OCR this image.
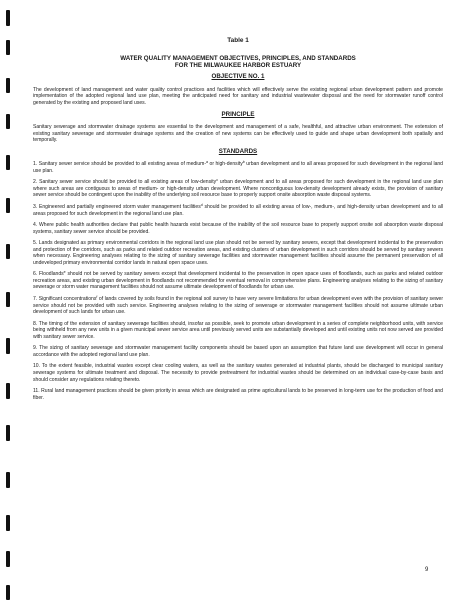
Table 1
WATER QUALITY MANAGEMENT OBJECTIVES, PRINCIPLES, AND STANDARDS
FOR THE MILWAUKEE HARBOR ESTUARY
OBJECTIVE NO. 1

The development of land management and water quality control practices and facilities which will effectively serve the existing regional urban development pattern and promote implementation of the adopted regional land use plan, meeting the anticipated need for sanitary and industrial wastewater disposal and the need for stormwater runoff control generated by the existing and proposed land uses.

PRINCIPLE

Sanitary sewerage and stormwater drainage systems are essential to the development and management of a safe, healthful, and attractive urban environment. The extension of existing sanitary sewerage and stormwater drainage systems and the creation of new systems can be effectively used to guide and shape urban development both spatially and temporally.

STANDARDS

1. Sanitary sewer service should be provided to all existing areas of medium-$^a$ or high-density$^b$ urban development and to all areas proposed for such development in the regional land use plan.

2. Sanitary sewer service should be provided to all existing areas of low-density$^c$ urban development and to all areas proposed for such development in the regional land use plan where such areas are contiguous to areas of medium- or high-density urban development. Where noncontiguous low-density development already exists, the provision of sanitary sewer service should be contingent upon the inability of the underlying soil resource base to properly support onsite absorption waste disposal systems.

3. Engineered and partially engineered storm water management facilities$^d$ should be provided to all existing areas of low-, medium-, and high-density urban development and to all areas proposed for such development in the regional land use plan.

4. Where public health authorities declare that public health hazards exist because of the inability of the soil resource base to properly support onsite soil absorption waste disposal systems, sanitary sewer service should be provided.

5. Lands designated as primary environmental corridors in the regional land use plan should not be served by sanitary sewers, except that development incidental to the preservation and protection of the corridors, such as parks and related outdoor recreation areas, and existing clusters of urban development in such corridors should be served by sanitary sewers when necessary. Engineering analyses relating to the sizing of sanitary sewerage facilities and stormwater management facilities should assume the permanent preservation of all undeveloped primary environmental corridor lands in natural open space uses.

6. Floodlands$^e$ should not be served by sanitary sewers except that development incidental to the preservation in open space uses of floodlands, such as parks and related outdoor recreation areas, and existing urban development in floodlands not recommended for eventual removal in comprehensive plans. Engineering analyses relating to the sizing of sanitary sewerage or storm water management facilities should not assume ultimate development of floodlands for urban use.

7. Significant concentrations$^f$ of lands covered by soils found in the regional soil survey to have very severe limitations for urban development even with the provision of sanitary sewer service should not be provided with such service. Engineering analyses relating to the sizing of sewerage or stormwater management facilities should not assume ultimate urban development of such lands for urban use.

8. The timing of the extension of sanitary sewerage facilities should, insofar as possible, seek to promote urban development in a series of complete neighborhood units, with service being withheld from any new units in a given municipal sewer service area until previously served units are substantially developed and until existing units not now served are provided with sanitary sewer service.

9. The sizing of sanitary sewerage and stormwater management facility components should be based upon an assumption that future land use development will occur in general accordance with the adopted regional land use plan.

10. To the extent feasible, industrial wastes except clear cooling waters, as well as the sanitary wastes generated at industrial plants, should be discharged to municipal sanitary sewerage systems for ultimate treatment and disposal. The necessity to provide pretreatment for industrial wastes should be determined on an individual case-by-case basis and should consider any regulations relating thereto.

11. Rural land management practices should be given priority in areas which are designated as prime agricultural lands to be preserved in long-term use for the production of food and fiber.

9
